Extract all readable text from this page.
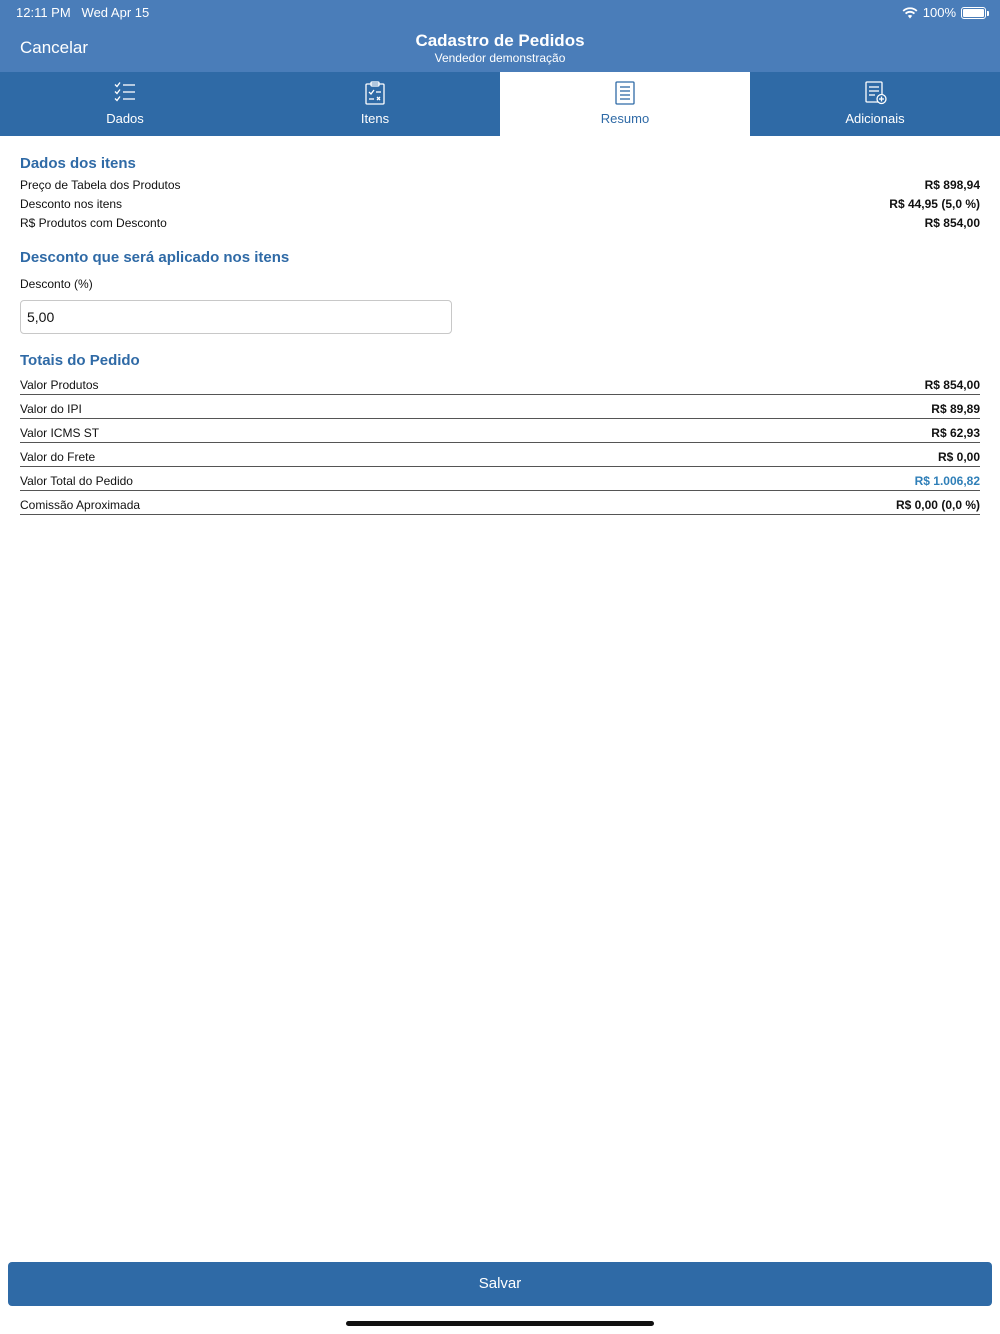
12:11 PM Wed Apr 15	100%
Cancelar	Cadastro de Pedidos
Vendedor demonstração
Dados	Itens	Resumo	Adicionais
Dados dos itens
Preço de Tabela dos Produtos	R$ 898,94
Desconto nos itens	R$ 44,95 (5,0 %)
R$ Produtos com Desconto	R$ 854,00
Desconto que será aplicado nos itens
Desconto (%)
5,00
Totais do Pedido
Valor Produtos	R$ 854,00
Valor do IPI	R$ 89,89
Valor ICMS ST	R$ 62,93
Valor do Frete	R$ 0,00
Valor Total do Pedido	R$ 1.006,82
Comissão Aproximada	R$ 0,00 (0,0 %)
Salvar
